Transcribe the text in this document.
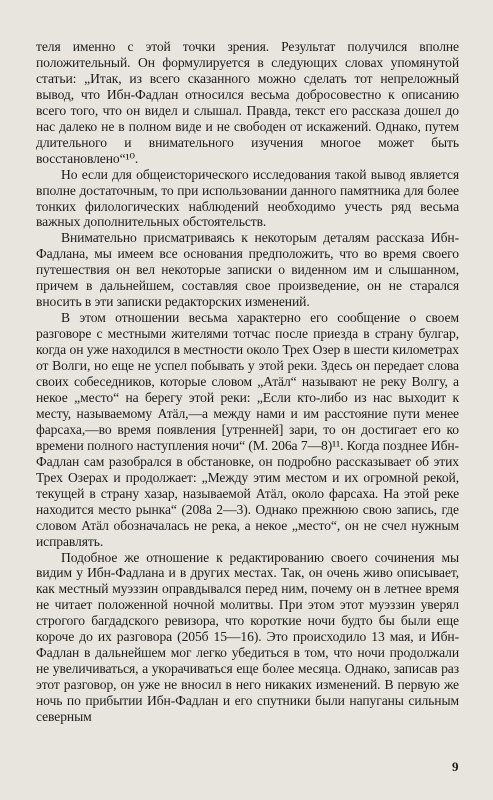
теля именно с этой точки зрения. Результат получился вполне положительный. Он формулируется в следующих словах упомянутой статьи: „Итак, из всего сказанного можно сделать тот непреложный вывод, что Ибн-Фадлан относился весьма добросовестно к описанию всего того, что он видел и слышал. Правда, текст его рассказа дошел до нас далеко не в полном виде и не свободен от искажений. Однако, путем длительного и внимательного изучения многое может быть восстановлено“¹⁰.

Но если для общеисторического исследования такой вывод является вполне достаточным, то при использовании данного памятника для более тонких филологических наблюдений необходимо учесть ряд весьма важных дополнительных обстоятельств.

Внимательно присматриваясь к некоторым деталям рассказа Ибн-Фадлана, мы имеем все основания предположить, что во время своего путешествия он вел некоторые записки о виденном им и слышанном, причем в дальнейшем, составляя свое произведение, он не старался вносить в эти записки редакторских изменений.

В этом отношении весьма характерно его сообщение о своем разговоре с местными жителями тотчас после приезда в страну булгар, когда он уже находился в местности около Трех Озер в шести километрах от Волги, но еще не успел побывать у этой реки. Здесь он передает слова своих собеседников, которые словом „Атӓл“ называют не реку Волгу, а некое „место“ на берегу этой реки: „Если кто-либо из нас выходит к месту, называемому Атӓл,—а между нами и им расстояние пути менее фарсаха,—во время появления [утренней] зари, то он достигает его ко времени полного наступления ночи“ (М. 206а 7—8)¹¹. Когда позднее Ибн-Фадлан сам разобрался в обстановке, он подробно рассказывает об этих Трех Озерах и продолжает: „Между этим местом и их огромной рекой, текущей в страну хазар, называемой Атӓл, около фарсаха. На этой реке находится место рынка“ (208а 2—3). Однако прежнюю свою запись, где словом Атӓл обозначалась не река, а некое „место“, он не счел нужным исправлять.

Подобное же отношение к редактированию своего сочинения мы видим у Ибн-Фадлана и в других местах. Так, он очень живо описывает, как местный муэззин оправдывался перед ним, почему он в летнее время не читает положенной ночной молитвы. При этом этот муэззин уверял строгого багдадского ревизора, что короткие ночи будто бы были еще короче до их разговора (205б 15—16). Это происходило 13 мая, и Ибн-Фадлан в дальнейшем мог легко убедиться в том, что ночи продолжали не увеличиваться, а укорачиваться еще более месяца. Однако, записав раз этот разговор, он уже не вносил в него никаких изменений. В первую же ночь по прибытии Ибн-Фадлан и его спутники были напуганы сильным северным

9
